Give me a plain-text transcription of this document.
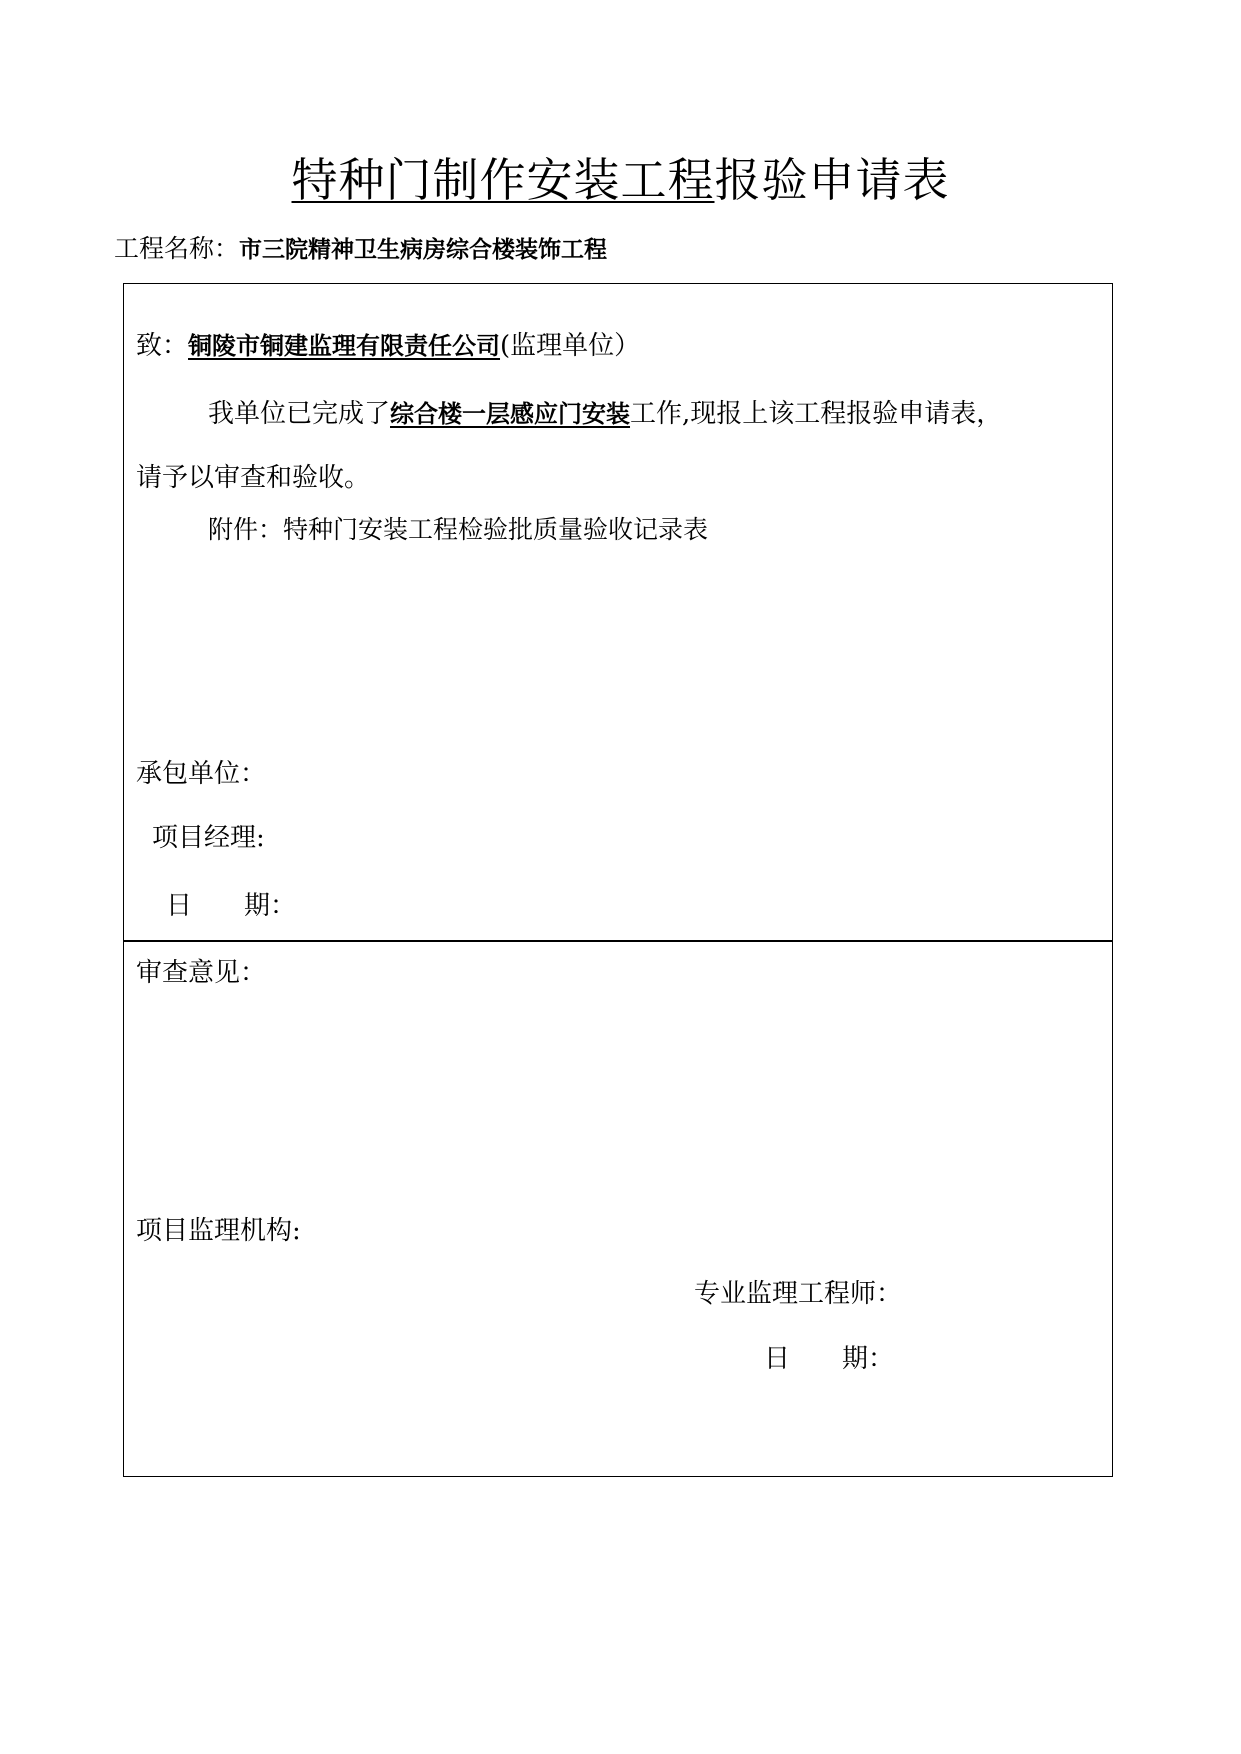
特种门制作安装工程报验申请表
工程名称：市三院精神卫生病房综合楼装饰工程
致：铜陵市铜建监理有限责任公司(监理单位）
我单位已完成了综合楼一层感应门安装工作,现报上该工程报验申请表，
请予以审查和验收。
附件：特种门安装工程检验批质量验收记录表
承包单位：
项目经理:
日　　期：
审查意见：
项目监理机构:
专业监理工程师：
日　　期：
